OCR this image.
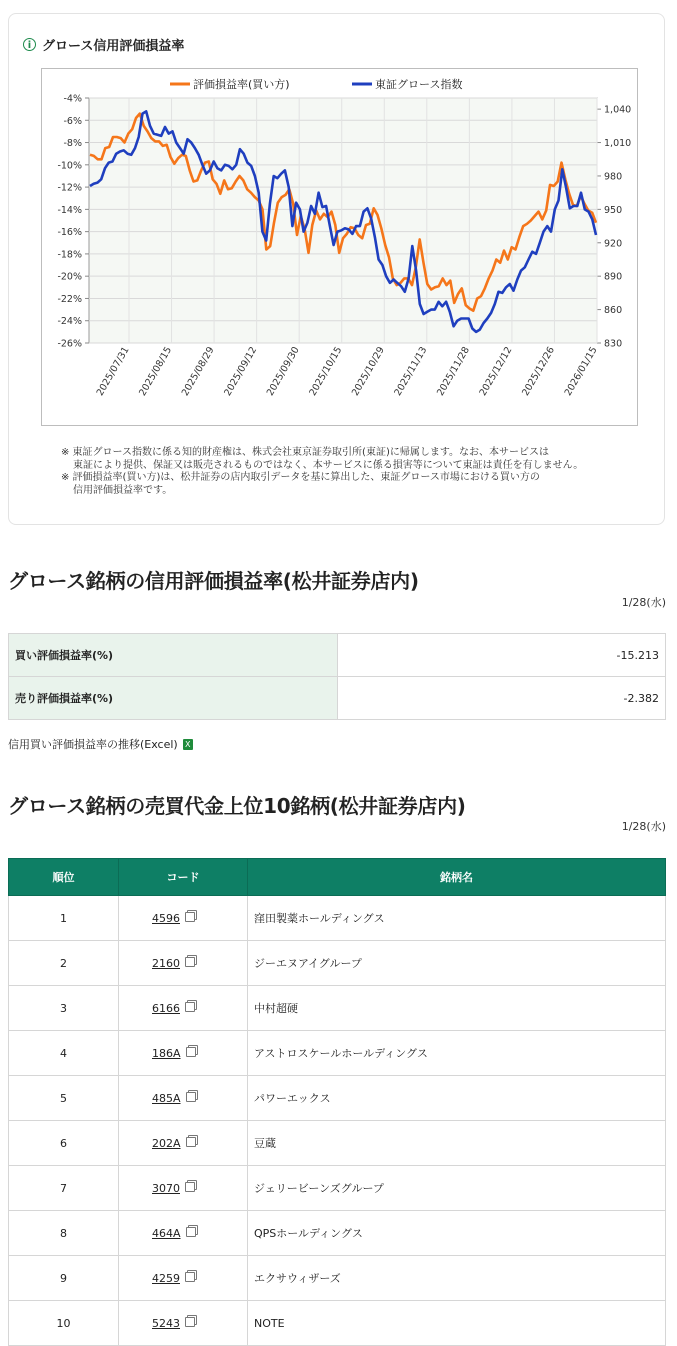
i グロース信用評価損益率
-4%
-6%
-8%
-10%
-12%
-14%
-16%
-18%
-20%
-22%
-24%
-26%
1,040
1,010
980
950
920
890
860
830
2025/07/31 2025/08/15 2025/08/29 2025/09/12 2025/09/30 2025/10/15 2025/10/29 2025/11/13 2025/11/28 2025/12/12 2025/12/26 2026/01/15
評価損益率(買い方)	東証グロース指数
※ 東証グロース指数に係る知的財産権は、株式会社東京証券取引所(東証)に帰属します。なお、本サービスは
東証により提供、保証又は販売されるものではなく、本サービスに係る損害等について東証は責任を有しません。
※ 評価損益率(買い方)は、松井証券の店内取引データを基に算出した、東証グロース市場における買い方の
信用評価損益率です。
グロース銘柄の信用評価損益率(松井証券店内)
1/28(水)
買い評価損益率(%)	-15.213
売り評価損益率(%)	-2.382
信用買い評価損益率の推移(Excel) X
グロース銘柄の売買代金上位10銘柄(松井証券店内)
1/28(水)
順位	コード	銘柄名
1	4596	窪田製薬ホールディングス
2	2160	ジーエヌアイグループ
3	6166	中村超硬
4	186A	アストロスケールホールディングス
5	485A	パワーエックス
6	202A	豆蔵
7	3070	ジェリービーンズグループ
8	464A	QPSホールディングス
9	4259	エクサウィザーズ
10	5243	NOTE
